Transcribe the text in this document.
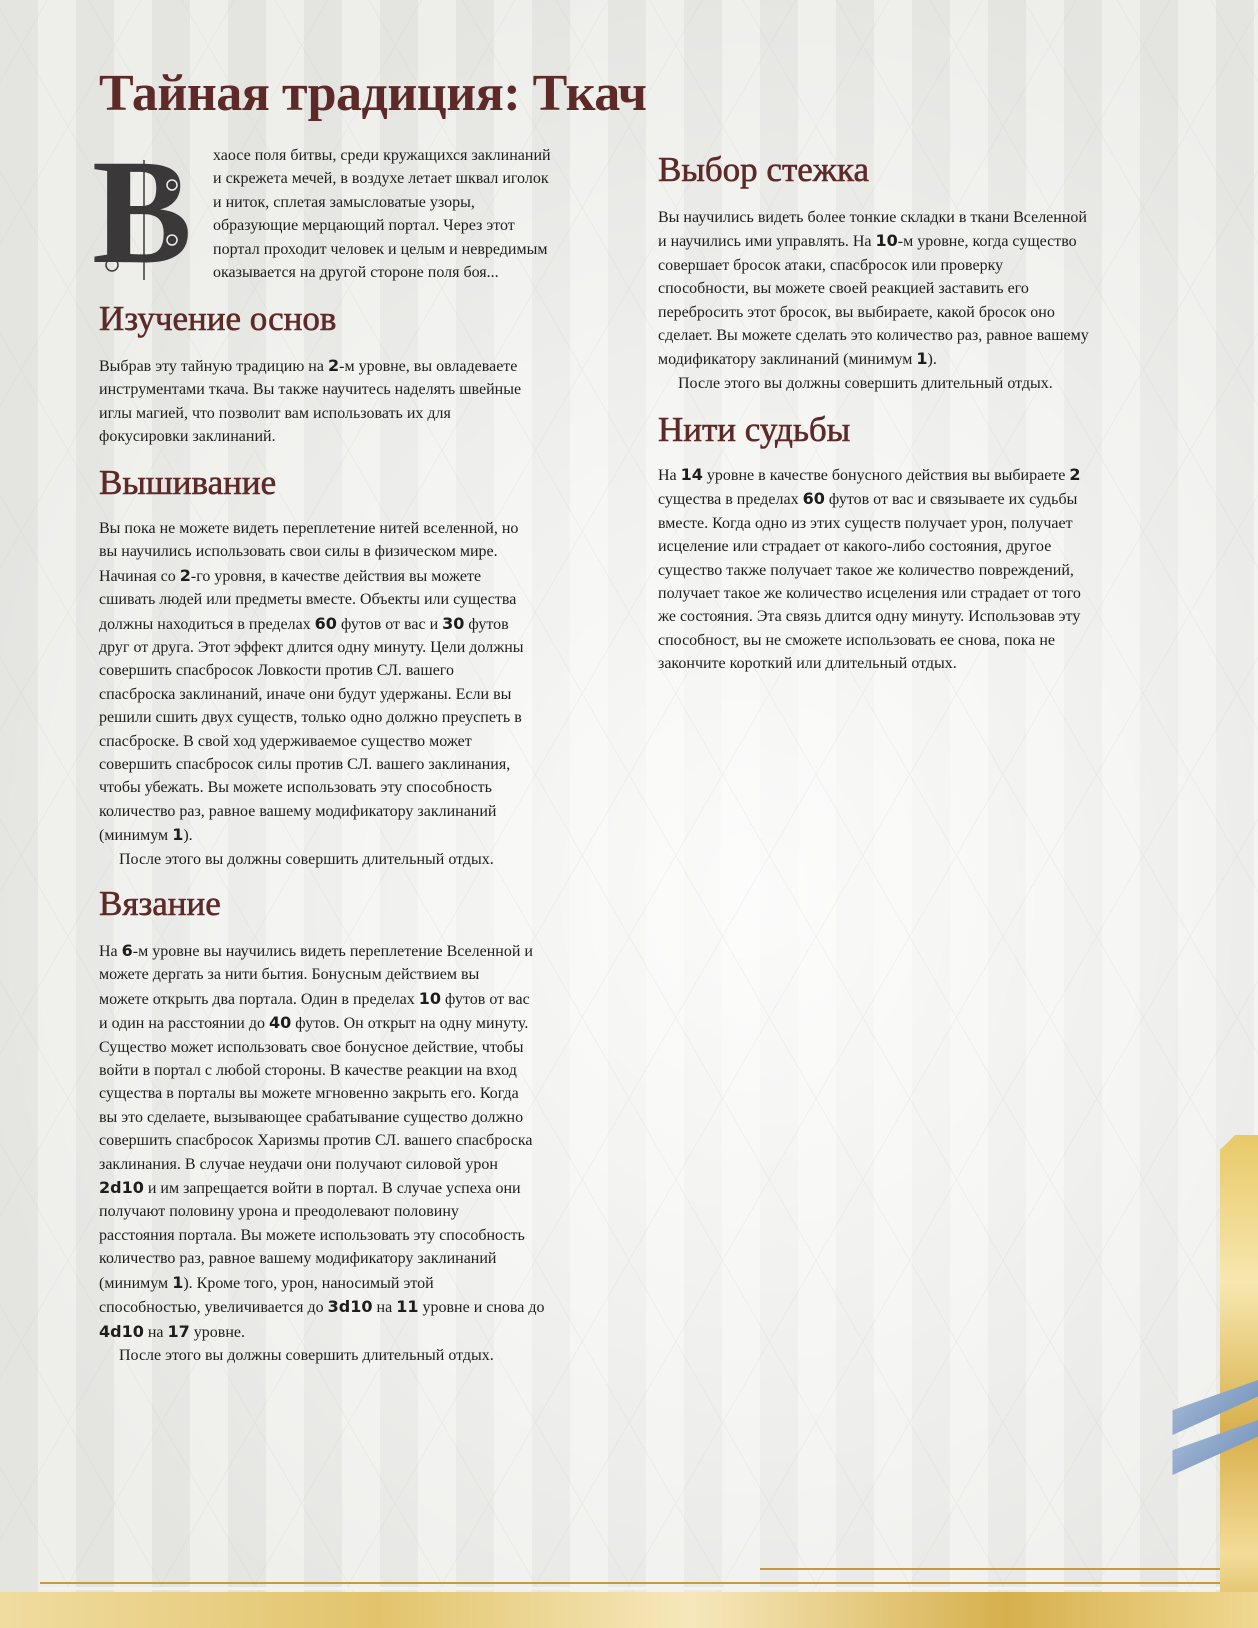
Тайная традиция: Ткач
В хаосе поля битвы, среди кружащихся заклинаний
и скрежета мечей, в воздухе летает шквал иголок
и ниток, сплетая замысловатые узоры,
образующие мерцающий портал. Через этот
портал проходит человек и целым и невредимым
оказывается на другой стороне поля боя...
Изучение основ
Выбрав эту тайную традицию на 2-м уровне, вы овладеваете
инструментами ткача. Вы также научитесь наделять швейные
иглы магией, что позволит вам использовать их для
фокусировки заклинаний.
Вышивание
Вы пока не можете видеть переплетение нитей вселенной, но
вы научились использовать свои силы в физическом мире.
Начиная со 2-го уровня, в качестве действия вы можете
сшивать людей или предметы вместе. Объекты или существа
должны находиться в пределах 60 футов от вас и 30 футов
друг от друга. Этот эффект длится одну минуту. Цели должны
совершить спасбросок Ловкости против СЛ. вашего
спасброска заклинаний, иначе они будут удержаны. Если вы
решили сшить двух существ, только одно должно преуспеть в
спасброске. В свой ход удерживаемое существо может
совершить спасбросок силы против СЛ. вашего заклинания,
чтобы убежать. Вы можете использовать эту способность
количество раз, равное вашему модификатору заклинаний
(минимум 1).
После этого вы должны совершить длительный отдых.
Вязание
На 6-м уровне вы научились видеть переплетение Вселенной и
можете дергать за нити бытия. Бонусным действием вы
можете открыть два портала. Один в пределах 10 футов от вас
и один на расстоянии до 40 футов. Он открыт на одну минуту.
Существо может использовать свое бонусное действие, чтобы
войти в портал с любой стороны. В качестве реакции на вход
существа в порталы вы можете мгновенно закрыть его. Когда
вы это сделаете, вызывающее срабатывание существо должно
совершить спасбросок Харизмы против СЛ. вашего спасброска
заклинания. В случае неудачи они получают силовой урон
2d10 и им запрещается войти в портал. В случае успеха они
получают половину урона и преодолевают половину
расстояния портала. Вы можете использовать эту способность
количество раз, равное вашему модификатору заклинаний
(минимум 1). Кроме того, урон, наносимый этой
способностью, увеличивается до 3d10 на 11 уровне и снова до
4d10 на 17 уровне.
После этого вы должны совершить длительный отдых.
Выбор стежка
Вы научились видеть более тонкие складки в ткани Вселенной
и научились ими управлять. На 10-м уровне, когда существо
совершает бросок атаки, спасбросок или проверку
способности, вы можете своей реакцией заставить его
перебросить этот бросок, вы выбираете, какой бросок оно
сделает. Вы можете сделать это количество раз, равное вашему
модификатору заклинаний (минимум 1).
После этого вы должны совершить длительный отдых.
Нити судьбы
На 14 уровне в качестве бонусного действия вы выбираете 2
существа в пределах 60 футов от вас и связываете их судьбы
вместе. Когда одно из этих существ получает урон, получает
исцеление или страдает от какого-либо состояния, другое
существо также получает такое же количество повреждений,
получает такое же количество исцеления или страдает от того
же состояния. Эта связь длится одну минуту. Использовав эту
способност, вы не сможете использовать ее снова, пока не
закончите короткий или длительный отдых.
